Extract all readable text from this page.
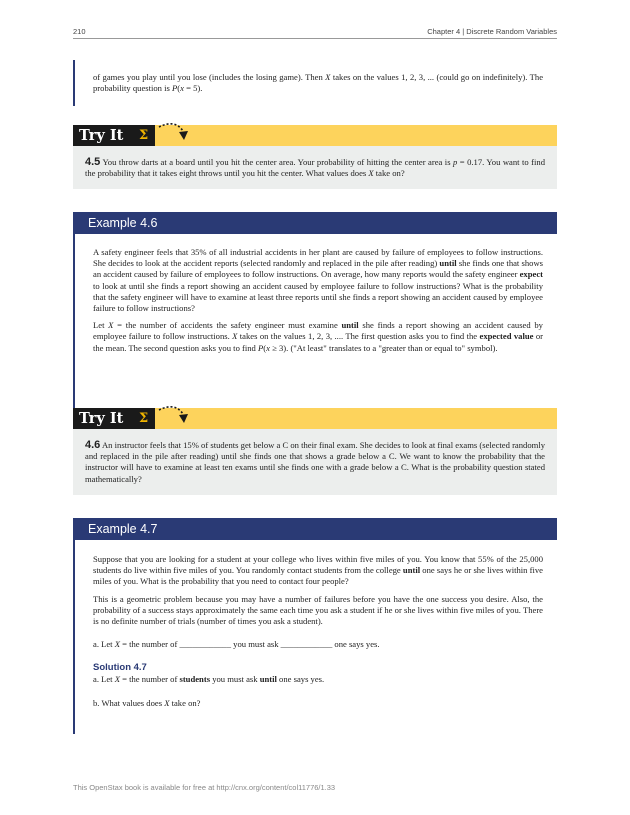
210	Chapter 4 | Discrete Random Variables

of games you play until you lose (includes the losing game). Then X takes on the values 1, 2, 3, ... (could go on indefinitely). The probability question is P(x = 5).

Try It	Σ

4.5 You throw darts at a board until you hit the center area. Your probability of hitting the center area is p = 0.17. You want to find the probability that it takes eight throws until you hit the center. What values does X take on?

Example 4.6

A safety engineer feels that 35% of all industrial accidents in her plant are caused by failure of employees to follow instructions. She decides to look at the accident reports (selected randomly and replaced in the pile after reading) until she finds one that shows an accident caused by failure of employees to follow instructions. On average, how many reports would the safety engineer expect to look at until she finds a report showing an accident caused by employee failure to follow instructions? What is the probability that the safety engineer will have to examine at least three reports until she finds a report showing an accident caused by employee failure to follow instructions?

Let X = the number of accidents the safety engineer must examine until she finds a report showing an accident caused by employee failure to follow instructions. X takes on the values 1, 2, 3, .... The first question asks you to find the expected value or the mean. The second question asks you to find P(x ≥ 3). ("At least" translates to a "greater than or equal to" symbol).

Try It	Σ

4.6 An instructor feels that 15% of students get below a C on their final exam. She decides to look at final exams (selected randomly and replaced in the pile after reading) until she finds one that shows a grade below a C. We want to know the probability that the instructor will have to examine at least ten exams until she finds one with a grade below a C. What is the probability question stated mathematically?

Example 4.7

Suppose that you are looking for a student at your college who lives within five miles of you. You know that 55% of the 25,000 students do live within five miles of you. You randomly contact students from the college until one says he or she lives within five miles of you. What is the probability that you need to contact four people?

This is a geometric problem because you may have a number of failures before you have the one success you desire. Also, the probability of a success stays approximately the same each time you ask a student if he or she lives within five miles of you. There is no definite number of trials (number of times you ask a student).

a. Let X = the number of ____________ you must ask ____________ one says yes.

Solution 4.7

a. Let X = the number of students you must ask until one says yes.

b. What values does X take on?

This OpenStax book is available for free at http://cnx.org/content/col11776/1.33
